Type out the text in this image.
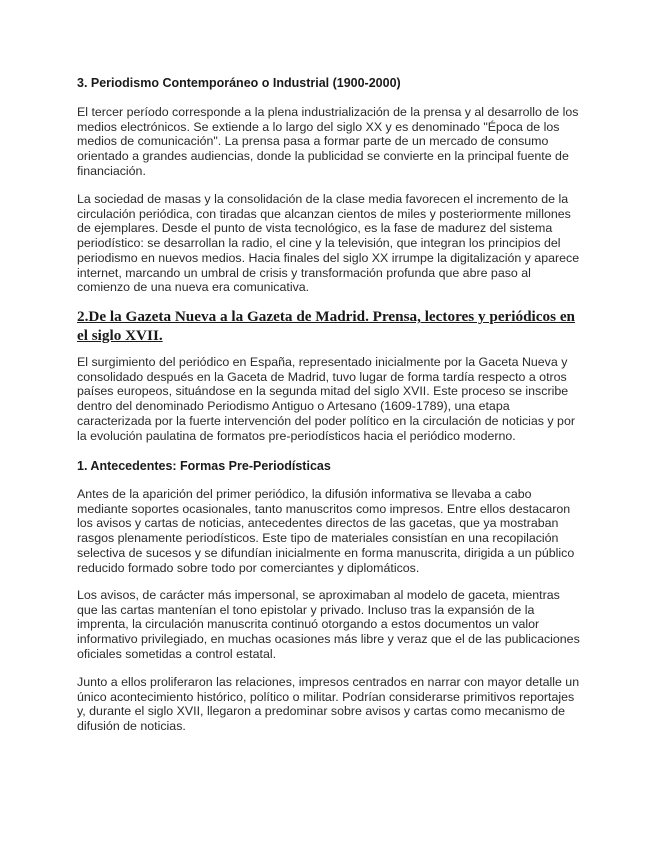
3. Periodismo Contemporáneo o Industrial (1900-2000)

El tercer período corresponde a la plena industrialización de la prensa y al desarrollo de los medios electrónicos. Se extiende a lo largo del siglo XX y es denominado "Época de los medios de comunicación". La prensa pasa a formar parte de un mercado de consumo orientado a grandes audiencias, donde la publicidad se convierte en la principal fuente de financiación.

La sociedad de masas y la consolidación de la clase media favorecen el incremento de la circulación periódica, con tiradas que alcanzan cientos de miles y posteriormente millones de ejemplares. Desde el punto de vista tecnológico, es la fase de madurez del sistema periodístico: se desarrollan la radio, el cine y la televisión, que integran los principios del periodismo en nuevos medios. Hacia finales del siglo XX irrumpe la digitalización y aparece internet, marcando un umbral de crisis y transformación profunda que abre paso al comienzo de una nueva era comunicativa.

2.De la Gazeta Nueva a la Gazeta de Madrid. Prensa, lectores y periódicos en el siglo XVII.

El surgimiento del periódico en España, representado inicialmente por la Gaceta Nueva y consolidado después en la Gaceta de Madrid, tuvo lugar de forma tardía respecto a otros países europeos, situándose en la segunda mitad del siglo XVII. Este proceso se inscribe dentro del denominado Periodismo Antiguo o Artesano (1609-1789), una etapa caracterizada por la fuerte intervención del poder político en la circulación de noticias y por la evolución paulatina de formatos pre-periodísticos hacia el periódico moderno.

1. Antecedentes: Formas Pre-Periodísticas

Antes de la aparición del primer periódico, la difusión informativa se llevaba a cabo mediante soportes ocasionales, tanto manuscritos como impresos. Entre ellos destacaron los avisos y cartas de noticias, antecedentes directos de las gacetas, que ya mostraban rasgos plenamente periodísticos. Este tipo de materiales consistían en una recopilación selectiva de sucesos y se difundían inicialmente en forma manuscrita, dirigida a un público reducido formado sobre todo por comerciantes y diplomáticos.

Los avisos, de carácter más impersonal, se aproximaban al modelo de gaceta, mientras que las cartas mantenían el tono epistolar y privado. Incluso tras la expansión de la imprenta, la circulación manuscrita continuó otorgando a estos documentos un valor informativo privilegiado, en muchas ocasiones más libre y veraz que el de las publicaciones oficiales sometidas a control estatal.

Junto a ellos proliferaron las relaciones, impresos centrados en narrar con mayor detalle un único acontecimiento histórico, político o militar. Podrían considerarse primitivos reportajes y, durante el siglo XVII, llegaron a predominar sobre avisos y cartas como mecanismo de difusión de noticias.
